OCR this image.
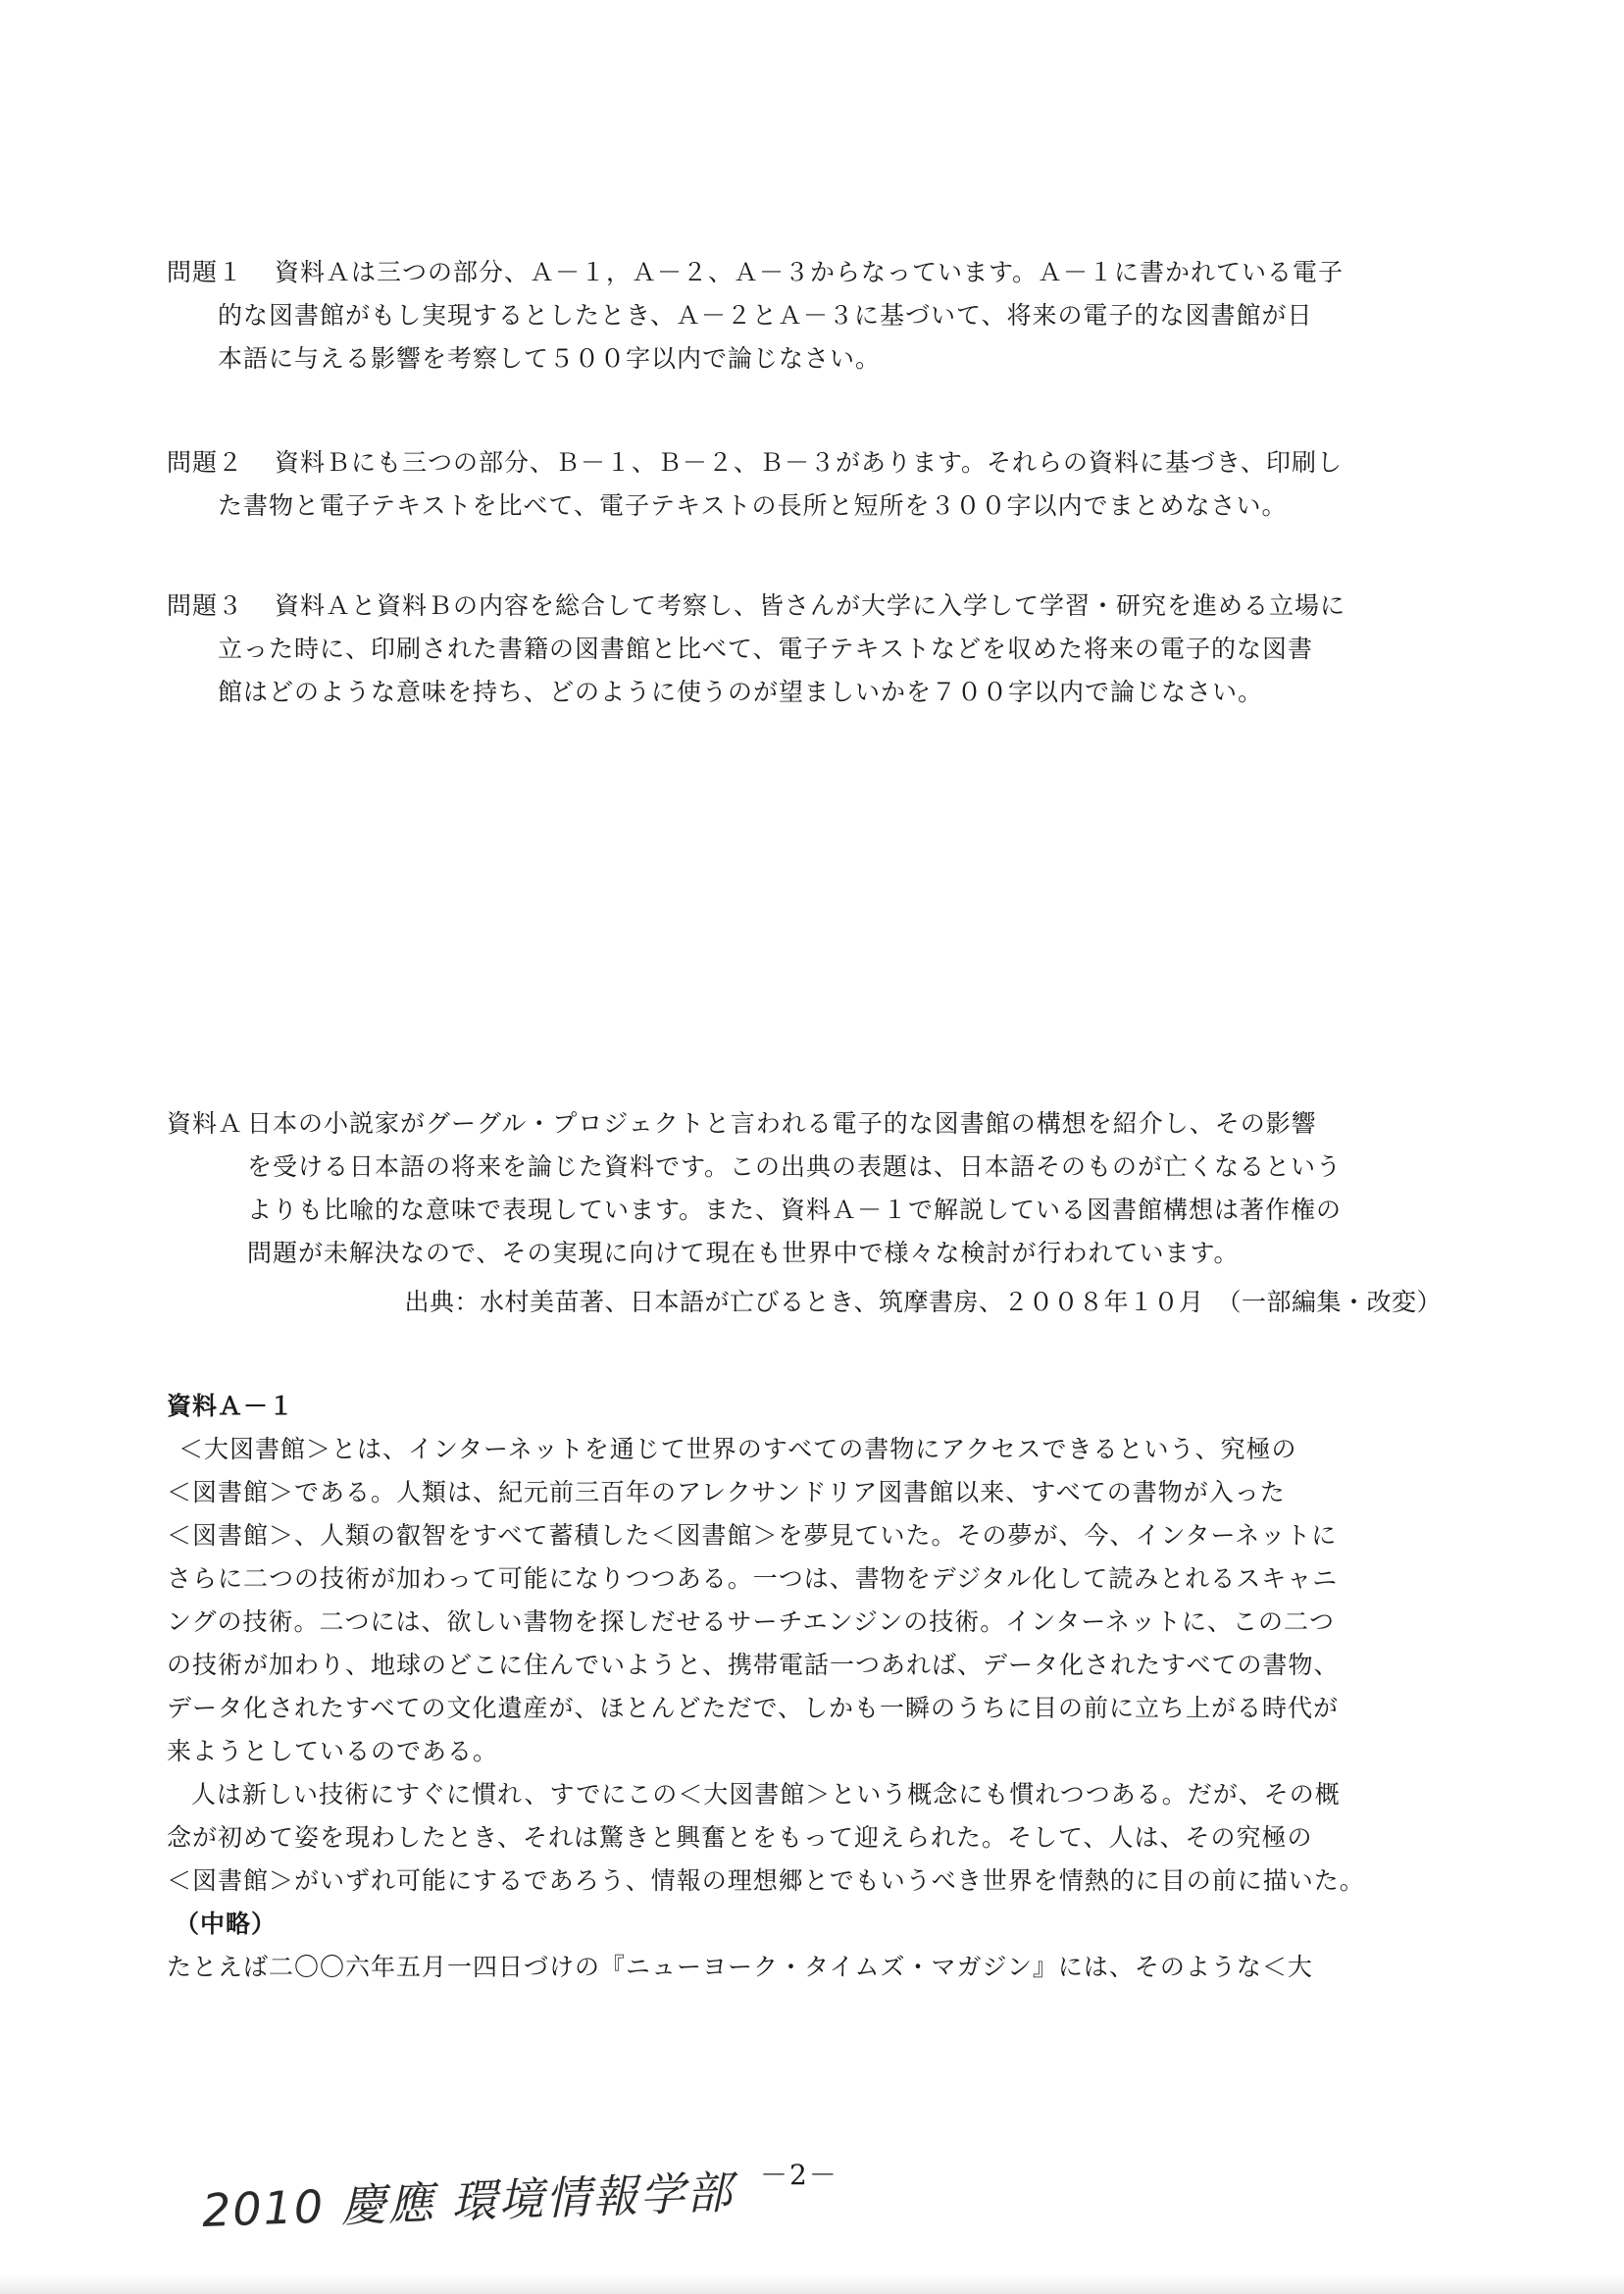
問題１	資料Ａは三つの部分、Ａ－１，Ａ－２、Ａ－３からなっています。Ａ－１に書かれている電子
的な図書館がもし実現するとしたとき、Ａ－２とＡ－３に基づいて、将来の電子的な図書館が日
本語に与える影響を考察して５００字以内で論じなさい。
問題２	資料Ｂにも三つの部分、Ｂ－１、Ｂ－２、Ｂ－３があります。それらの資料に基づき、印刷し
た書物と電子テキストを比べて、電子テキストの長所と短所を３００字以内でまとめなさい。
問題３	資料Ａと資料Ｂの内容を総合して考察し、皆さんが大学に入学して学習・研究を進める立場に
立った時に、印刷された書籍の図書館と比べて、電子テキストなどを収めた将来の電子的な図書
館はどのような意味を持ち、どのように使うのが望ましいかを７００字以内で論じなさい。
資料Ａ 日本の小説家がグーグル・プロジェクトと言われる電子的な図書館の構想を紹介し、その影響
を受ける日本語の将来を論じた資料です。この出典の表題は、日本語そのものが亡くなるという
よりも比喩的な意味で表現しています。また、資料Ａ－１で解説している図書館構想は著作権の
問題が未解決なので、その実現に向けて現在も世界中で様々な検討が行われています。
出典：水村美苗著、日本語が亡びるとき、筑摩書房、２００８年１０月　（一部編集・改変）
資料Ａ－１
＜大図書館＞とは、インターネットを通じて世界のすべての書物にアクセスできるという、究極の
＜図書館＞である。人類は、紀元前三百年のアレクサンドリア図書館以来、すべての書物が入った
＜図書館＞、人類の叡智をすべて蓄積した＜図書館＞を夢見ていた。その夢が、今、インターネットに
さらに二つの技術が加わって可能になりつつある。一つは、書物をデジタル化して読みとれるスキャニ
ングの技術。二つには、欲しい書物を探しだせるサーチエンジンの技術。インターネットに、この二つ
の技術が加わり、地球のどこに住んでいようと、携帯電話一つあれば、データ化されたすべての書物、
データ化されたすべての文化遺産が、ほとんどただで、しかも一瞬のうちに目の前に立ち上がる時代が
来ようとしているのである。
人は新しい技術にすぐに慣れ、すでにこの＜大図書館＞という概念にも慣れつつある。だが、その概
念が初めて姿を現わしたとき、それは驚きと興奮とをもって迎えられた。そして、人は、その究極の
＜図書館＞がいずれ可能にするであろう、情報の理想郷とでもいうべき世界を情熱的に目の前に描いた。
（中略）
たとえば二〇〇六年五月一四日づけの『ニューヨーク・タイムズ・マガジン』には、そのような＜大
－2－
2010 慶應 環境情報学部
